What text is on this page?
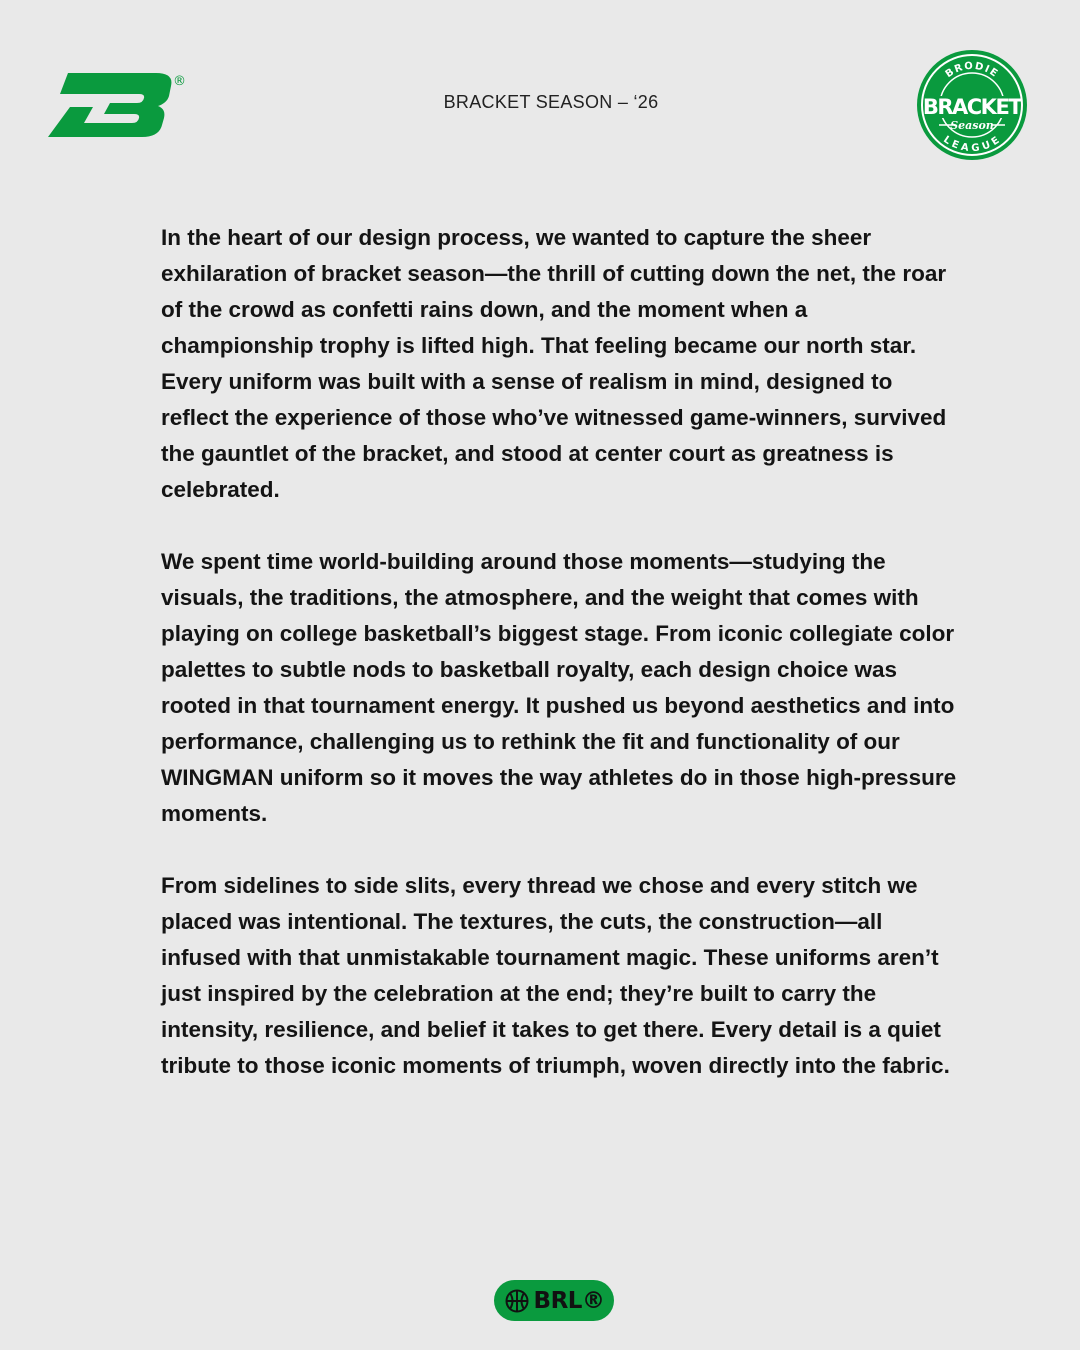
®
BRACKET SEASON – ‘26
BRODIE
LEAGUE
BRACKET
Season

In the heart of our design process, we wanted to capture the sheer exhilaration of bracket season—the thrill of cutting down the net, the roar of the crowd as confetti rains down, and the moment when a championship trophy is lifted high. That feeling became our north star. Every uniform was built with a sense of realism in mind, designed to reflect the experience of those who’ve witnessed game-winners, survived the gauntlet of the bracket, and stood at center court as greatness is celebrated.

We spent time world-building around those moments—studying the visuals, the traditions, the atmosphere, and the weight that comes with playing on college basketball’s biggest stage. From iconic collegiate color palettes to subtle nods to basketball royalty, each design choice was rooted in that tournament energy. It pushed us beyond aesthetics and into performance, challenging us to rethink the fit and functionality of our WINGMAN uniform so it moves the way athletes do in those high-pressure moments.

From sidelines to side slits, every thread we chose and every stitch we placed was intentional. The textures, the cuts, the construction—all infused with that unmistakable tournament magic. These uniforms aren’t just inspired by the celebration at the end; they’re built to carry the intensity, resilience, and belief it takes to get there. Every detail is a quiet tribute to those iconic moments of triumph, woven directly into the fabric.

BRL®
